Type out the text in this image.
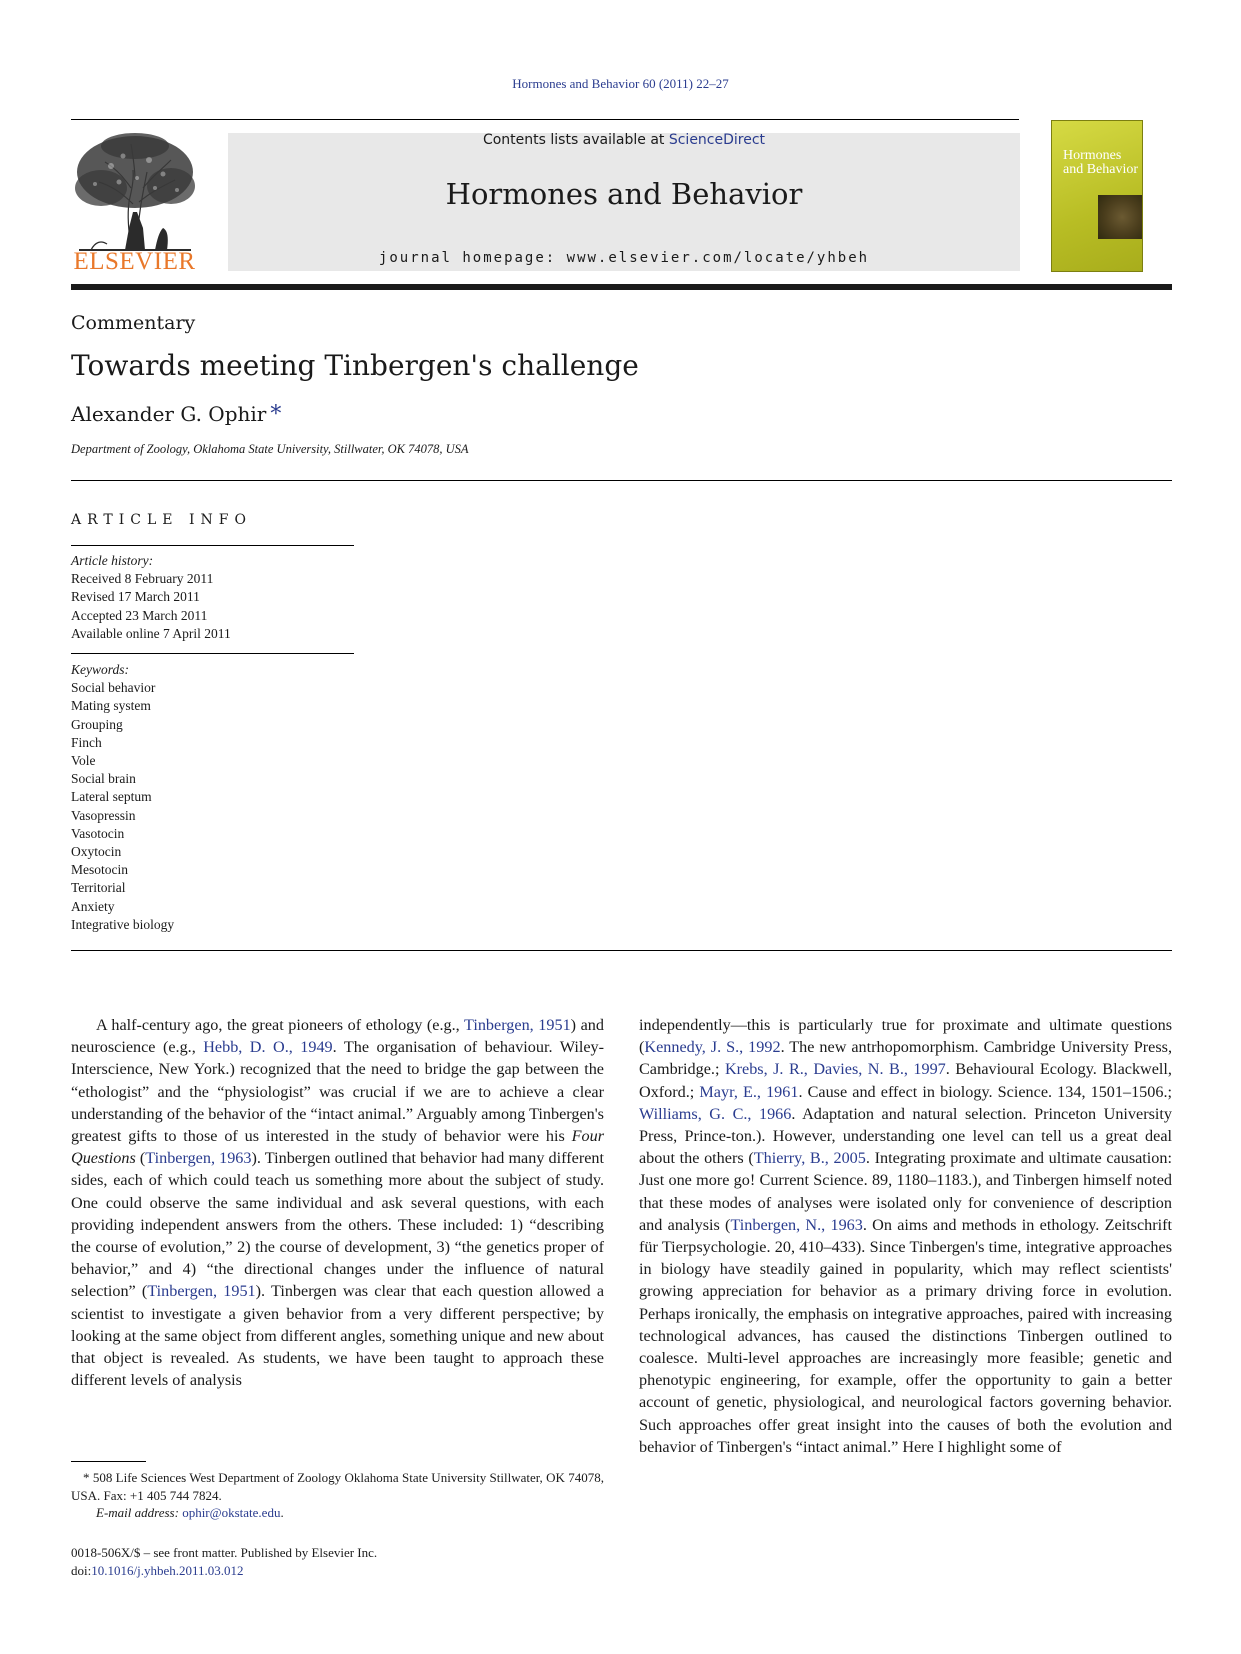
Hormones and Behavior 60 (2011) 22–27
ELSEVIER
Contents lists available at ScienceDirect
Hormones and Behavior
journal homepage: www.elsevier.com/locate/yhbeh
Hormones and Behavior
Commentary
Towards meeting Tinbergen's challenge
Alexander G. Ophir *
Department of Zoology, Oklahoma State University, Stillwater, OK 74078, USA
ARTICLE INFO
Article history:
Received 8 February 2011
Revised 17 March 2011
Accepted 23 March 2011
Available online 7 April 2011
Keywords:
Social behavior
Mating system
Grouping
Finch
Vole
Social brain
Lateral septum
Vasopressin
Vasotocin
Oxytocin
Mesotocin
Territorial
Anxiety
Integrative biology

A half-century ago, the great pioneers of ethology (e.g., Tinbergen, 1951) and neuroscience (e.g., Hebb, D. O., 1949. The organisation of behaviour. Wiley-Interscience, New York.) recognized that the need to bridge the gap between the “ethologist” and the “physiologist” was crucial if we are to achieve a clear understanding of the behavior of the “intact animal.” Arguably among Tinbergen's greatest gifts to those of us interested in the study of behavior were his Four Questions (Tinbergen, 1963). Tinbergen outlined that behavior had many different sides, each of which could teach us something more about the subject of study. One could observe the same individual and ask several questions, with each providing independent answers from the others. These included: 1) “describing the course of evolution,” 2) the course of development, 3) “the genetics proper of behavior,” and 4) “the directional changes under the influence of natural selection” (Tinbergen, 1951). Tinbergen was clear that each question allowed a scientist to investigate a given behavior from a very different perspective; by looking at the same object from different angles, something unique and new about that object is revealed. As students, we have been taught to approach these different levels of analysis

independently—this is particularly true for proximate and ultimate questions (Kennedy, J. S., 1992. The new antrhopomorphism. Cambridge University Press, Cambridge.; Krebs, J. R., Davies, N. B., 1997. Behavioural Ecology. Blackwell, Oxford.; Mayr, E., 1961. Cause and effect in biology. Science. 134, 1501–1506.; Williams, G. C., 1966. Adaptation and natural selection. Princeton University Press, Prince-ton.). However, understanding one level can tell us a great deal about the others (Thierry, B., 2005. Integrating proximate and ultimate causation: Just one more go! Current Science. 89, 1180–1183.), and Tinbergen himself noted that these modes of analyses were isolated only for convenience of description and analysis (Tinbergen, N., 1963. On aims and methods in ethology. Zeitschrift für Tierpsychologie. 20, 410–433). Since Tinbergen's time, integrative approaches in biology have steadily gained in popularity, which may reflect scientists' growing appreciation for behavior as a primary driving force in evolution. Perhaps ironically, the emphasis on integrative approaches, paired with increasing technological advances, has caused the distinctions Tinbergen outlined to coalesce. Multi-level approaches are increasingly more feasible; genetic and phenotypic engineering, for example, offer the opportunity to gain a better account of genetic, physiological, and neurological factors governing behavior. Such approaches offer great insight into the causes of both the evolution and behavior of Tinbergen's “intact animal.” Here I highlight some of

* 508 Life Sciences West Department of Zoology Oklahoma State University Stillwater, OK 74078, USA. Fax: +1 405 744 7824.
E-mail address: ophir@okstate.edu.
0018-506X/$ – see front matter. Published by Elsevier Inc.
doi:10.1016/j.yhbeh.2011.03.012
